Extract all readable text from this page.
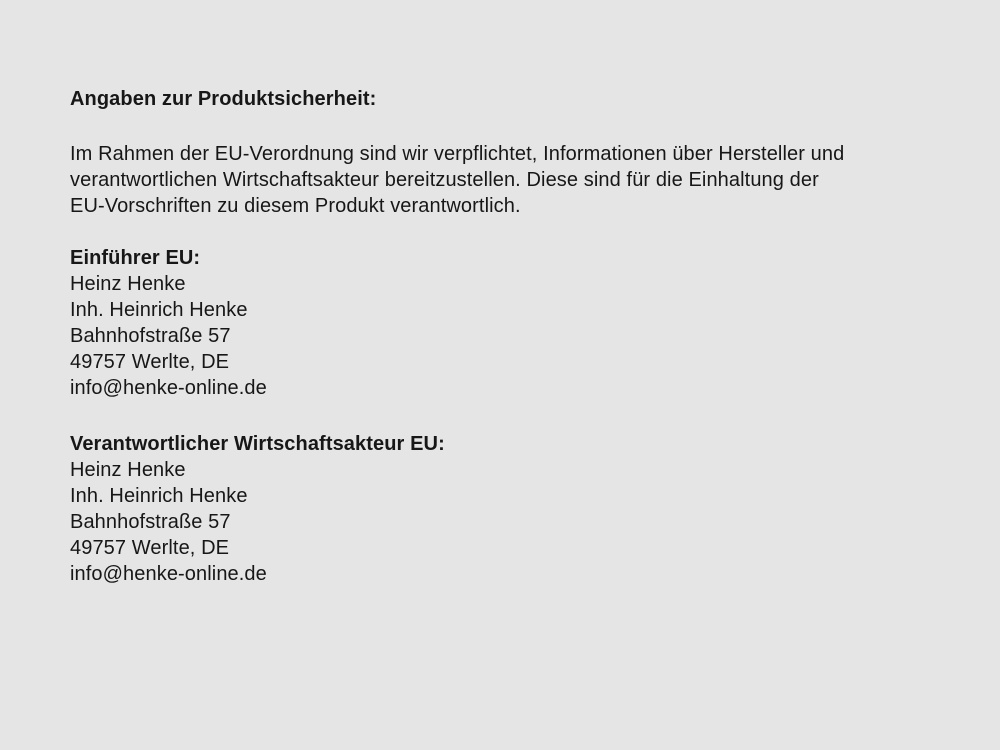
Angaben zur Produktsicherheit:
Im Rahmen der EU-Verordnung sind wir verpflichtet, Informationen über Hersteller und
verantwortlichen Wirtschaftsakteur bereitzustellen. Diese sind für die Einhaltung der
EU-Vorschriften zu diesem Produkt verantwortlich.
Einführer EU:
Heinz Henke
Inh. Heinrich Henke
Bahnhofstraße 57
49757 Werlte, DE
info@henke-online.de
Verantwortlicher Wirtschaftsakteur EU:
Heinz Henke
Inh. Heinrich Henke
Bahnhofstraße 57
49757 Werlte, DE
info@henke-online.de
